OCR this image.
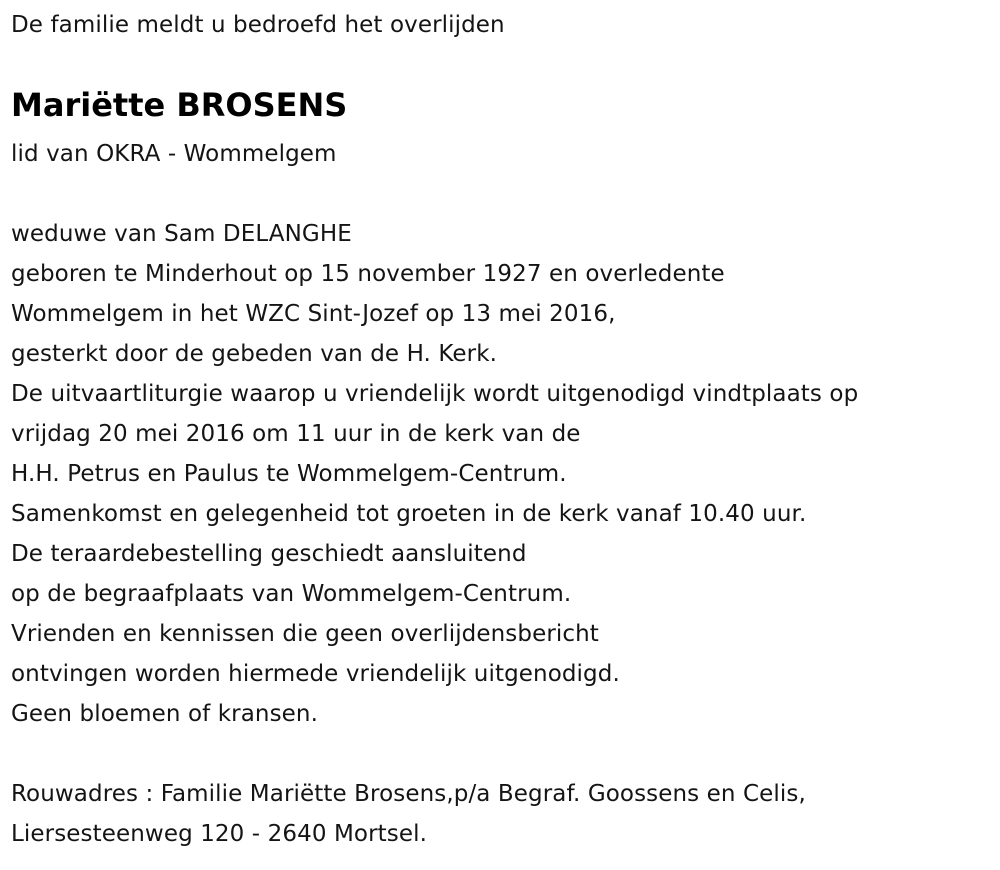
De familie meldt u bedroefd het overlijden
Mariëtte BROSENS
lid van OKRA - Wommelgem
weduwe van Sam DELANGHE
geboren te Minderhout op 15 november 1927 en overledente
Wommelgem in het WZC Sint-Jozef op 13 mei 2016,
gesterkt door de gebeden van de H. Kerk.
De uitvaartliturgie waarop u vriendelijk wordt uitgenodigd vindtplaats op
vrijdag 20 mei 2016 om 11 uur in de kerk van de
H.H. Petrus en Paulus te Wommelgem-Centrum.
Samenkomst en gelegenheid tot groeten in de kerk vanaf 10.40 uur.
De teraardebestelling geschiedt aansluitend
op de begraafplaats van Wommelgem-Centrum.
Vrienden en kennissen die geen overlijdensbericht
ontvingen worden hiermede vriendelijk uitgenodigd.
Geen bloemen of kransen.
Rouwadres : Familie Mariëtte Brosens,p/a Begraf. Goossens en Celis,
Liersesteenweg 120 - 2640 Mortsel.
